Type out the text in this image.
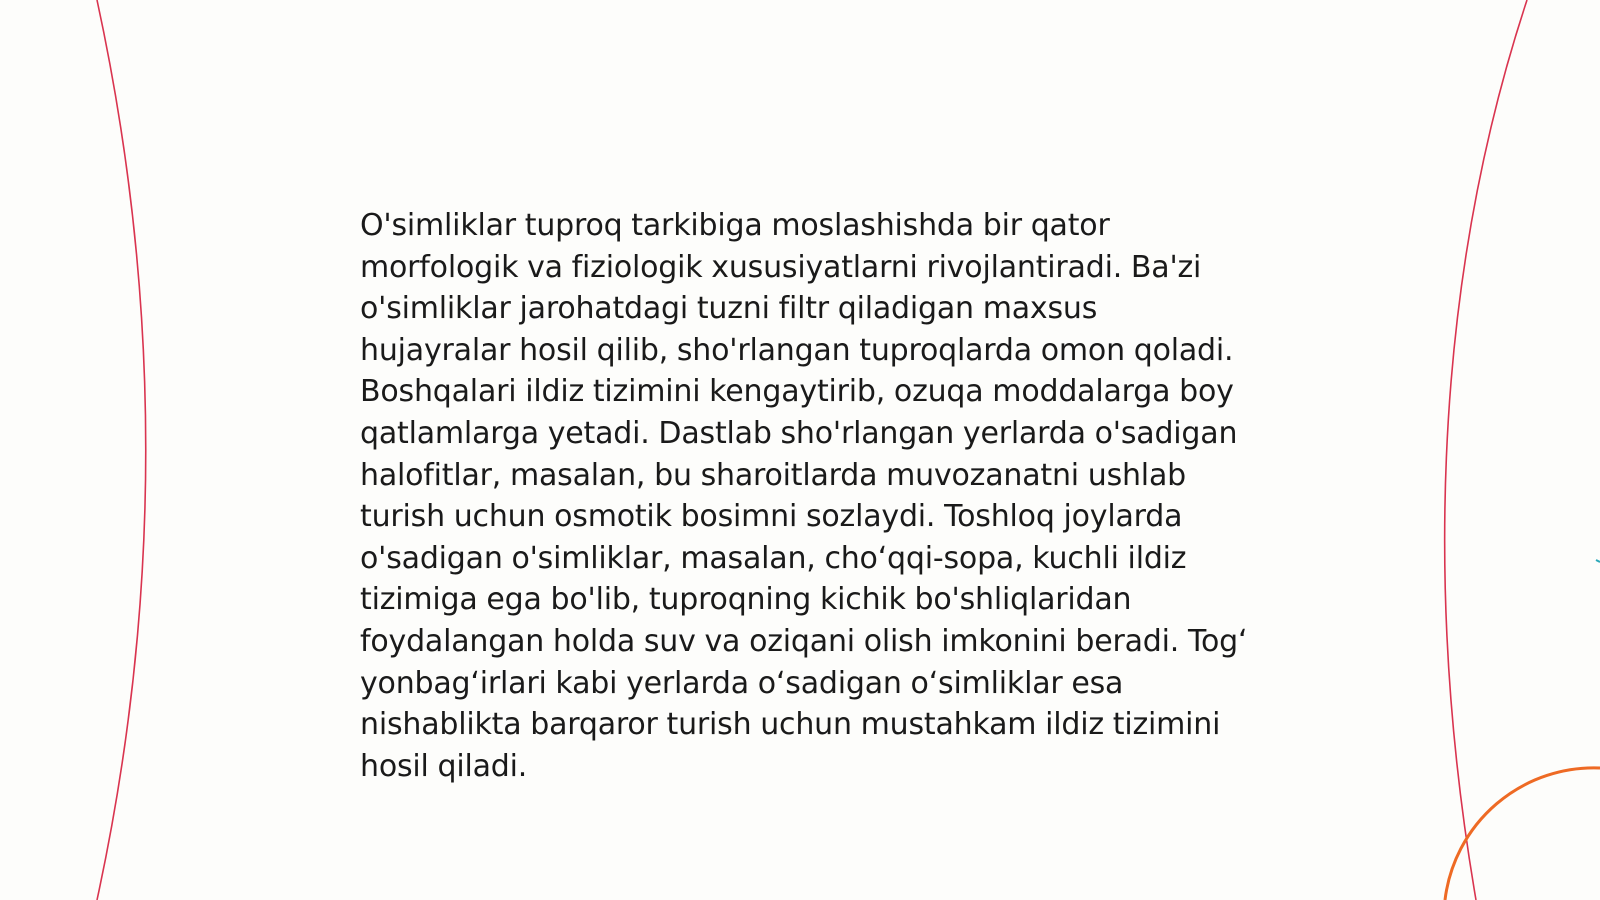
O'simliklar tuproq tarkibiga moslashishda bir qator morfologik va fiziologik xususiyatlarni rivojlantiradi. Ba'zi o'simliklar jarohatdagi tuzni filtr qiladigan maxsus hujayralar hosil qilib, sho'rlangan tuproqlarda omon qoladi. Boshqalari ildiz tizimini kengaytirib, ozuqa moddalarga boy qatlamlarga yetadi. Dastlab sho'rlangan yerlarda o'sadigan halofitlar, masalan, bu sharoitlarda muvozanatni ushlab turish uchun osmotik bosimni sozlaydi. Toshloq joylarda o'sadigan o'simliklar, masalan, cho‘qqi-sopa, kuchli ildiz tizimiga ega bo'lib, tuproqning kichik bo'shliqlaridan foydalangan holda suv va oziqani olish imkonini beradi. Tog‘ yonbag‘irlari kabi yerlarda o‘sadigan o‘simliklar esa nishablikta barqaror turish uchun mustahkam ildiz tizimini hosil qiladi.
